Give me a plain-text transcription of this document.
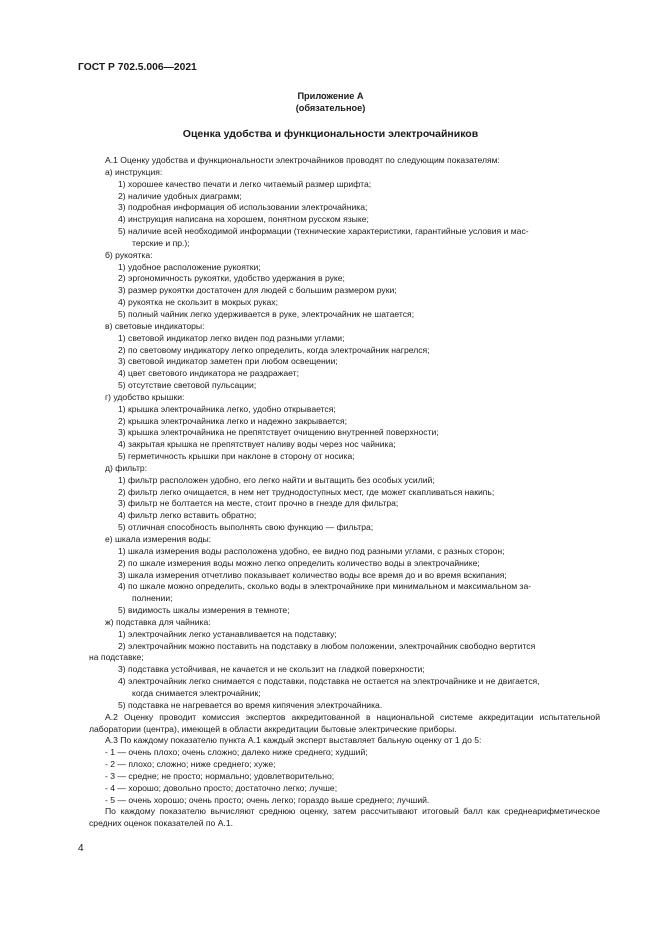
ГОСТ Р 702.5.006—2021
Приложение А
(обязательное)
Оценка удобства и функциональности электрочайников

А.1 Оценку удобства и функциональности электрочайников проводят по следующим показателям:

а) инструкция:

1) хорошее качество печати и легко читаемый размер шрифта;

2) наличие удобных диаграмм;

3) подробная информация об использовании электрочайника;

4) инструкция написана на хорошем, понятном русском языке;

5) наличие всей необходимой информации (технические характеристики, гарантийные условия и мас-
терские и пр.);

б) рукоятка:

1) удобное расположение рукоятки;

2) эргономичность рукоятки, удобство удержания в руке;

3) размер рукоятки достаточен для людей с большим размером руки;

4) рукоятка не скользит в мокрых руках;

5) полный чайник легко удерживается в руке, электрочайник не шатается;

в) световые индикаторы:

1) световой индикатор легко виден под разными углами;

2) по световому индикатору легко определить, когда электрочайник нагрелся;

3) световой индикатор заметен при любом освещении;

4) цвет светового индикатора не раздражает;

5) отсутствие световой пульсации;

г) удобство крышки:

1) крышка электрочайника легко, удобно открывается;

2) крышка электрочайника легко и надежно закрывается;

3) крышка электрочайника не препятствует очищению внутренней поверхности;

4) закрытая крышка не препятствует наливу воды через нос чайника;

5) герметичность крышки при наклоне в сторону от носика;

д) фильтр:

1) фильтр расположен удобно, его легко найти и вытащить без особых усилий;

2) фильтр легко очищается, в нем нет труднодоступных мест, где может скапливаться накипь;

3) фильтр не болтается на месте, стоит прочно в гнезде для фильтра;

4) фильтр легко вставить обратно;

5) отличная способность выполнять свою функцию — фильтра;

е) шкала измерения воды:

1) шкала измерения воды расположена удобно, ее видно под разными углами, с разных сторон;

2) по шкале измерения воды можно легко определить количество воды в электрочайнике;

3) шкала измерения отчетливо показывает количество воды все время до и во время вскипания;

4) по шкале можно определить, сколько воды в электрочайнике при минимальном и максимальном за-
полнении;

5) видимость шкалы измерения в темноте;

ж) подставка для чайника:

1) электрочайник легко устанавливается на подставку;

2) электрочайник можно поставить на подставку в любом положении, электрочайник свободно вертится
на подставке;

3) подставка устойчивая, не качается и не скользит на гладкой поверхности;

4) электрочайник легко снимается с подставки, подставка не остается на электрочайнике и не двигается,
когда снимается электрочайник;

5) подставка не нагревается во время кипячения электрочайника.

А.2 Оценку проводит комиссия экспертов аккредитованной в национальной системе аккредитации испытательной лаборатории (центра), имеющей в области аккредитации бытовые электрические приборы.

А.3 По каждому показателю пункта А.1 каждый эксперт выставляет бальную оценку от 1 до 5:

- 1 — очень плохо; очень сложно; далеко ниже среднего; худший;

- 2 — плохо; сложно; ниже среднего; хуже;

- 3 — средне; не просто; нормально; удовлетворительно;

- 4 — хорошо; довольно просто; достаточно легко; лучше;

- 5 — очень хорошо; очень просто; очень легко; гораздо выше среднего; лучший.

По каждому показателю вычисляют среднюю оценку, затем рассчитывают итоговый балл как среднеарифметическое средних оценок показателей по А.1.

4
